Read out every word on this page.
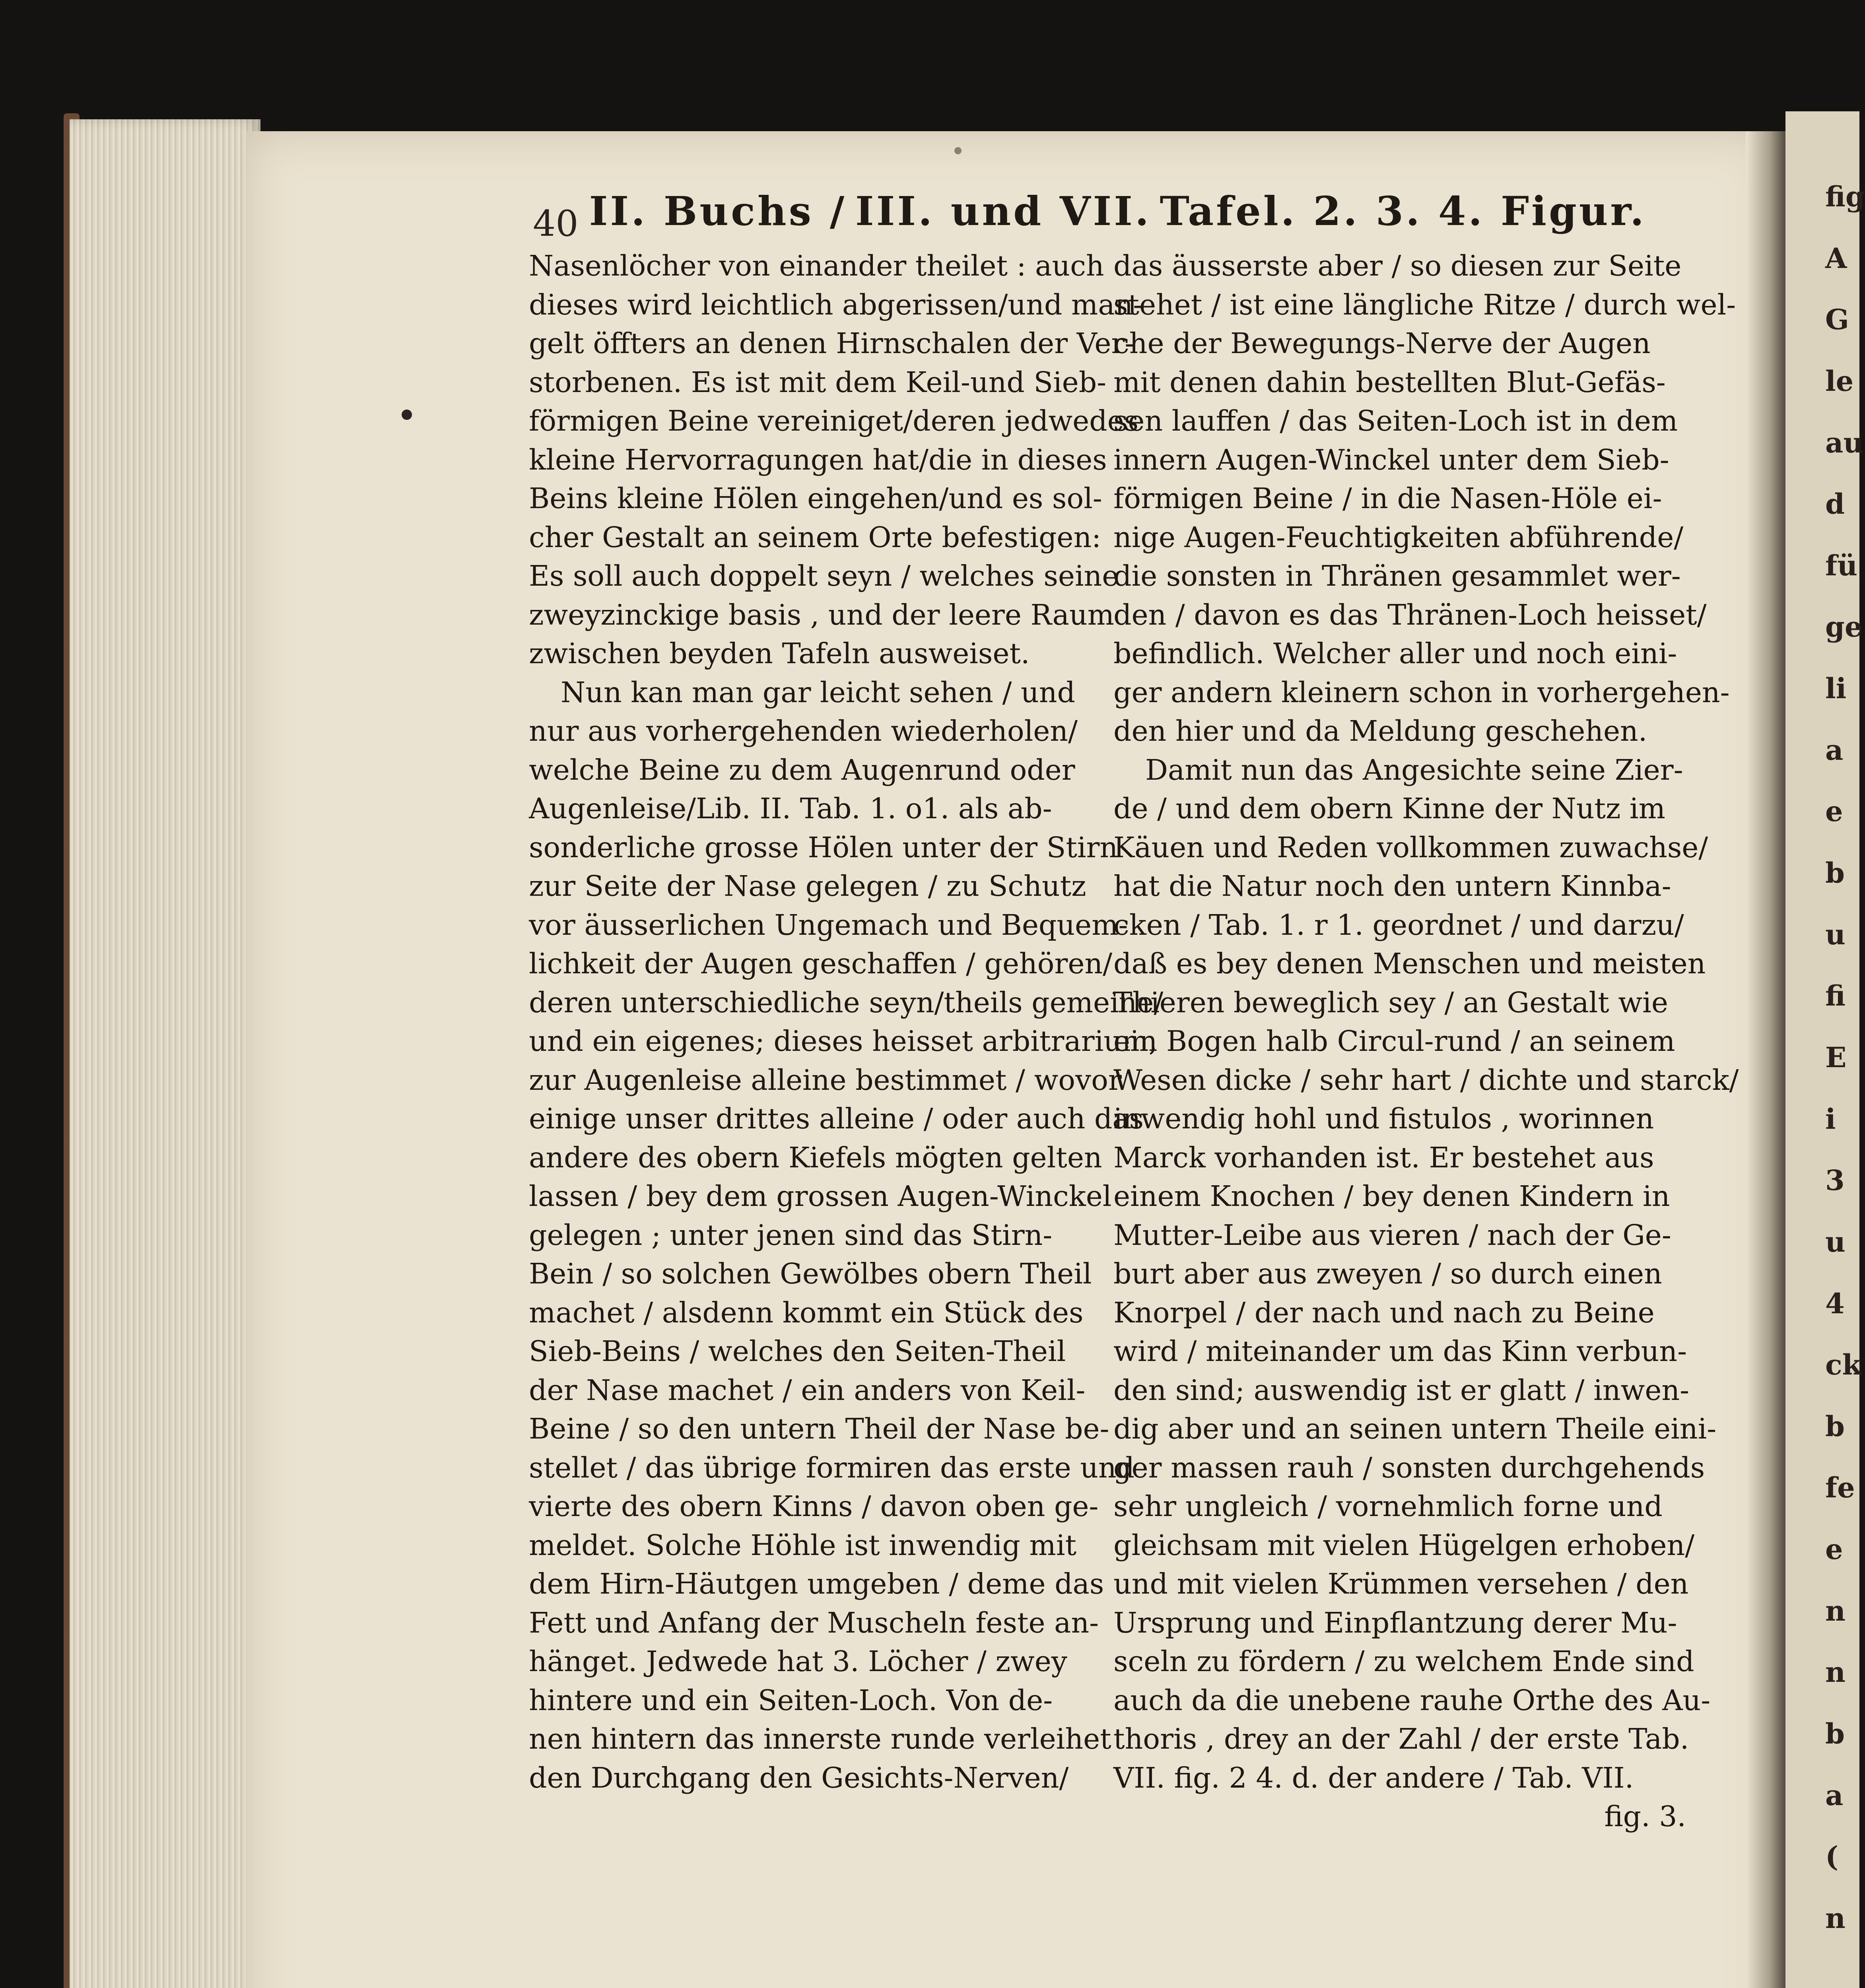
fig
A
G
le
au
d
fü
ge
li
a
e
b
u
fi
E
i
3
u
4
ck
b
fe
e
n
n
b
a
(
n
40 II. Buchs / III. und VII. Tafel. 2. 3. 4. Figur.
Nasenlöcher von einander theilet : auch
dieses wird leichtlich abgerissen/und man-
gelt öffters an denen Hirnschalen der Ver-
storbenen. Es ist mit dem Keil-und Sieb-
förmigen Beine vereiniget/deren jedwedes
kleine Hervorragungen hat/die in dieses
Beins kleine Hölen eingehen/und es sol-
cher Gestalt an seinem Orte befestigen:
Es soll auch doppelt seyn / welches seine
zweyzinckige basis , und der leere Raum
zwischen beyden Tafeln ausweiset.
Nun kan man gar leicht sehen / und
nur aus vorhergehenden wiederholen/
welche Beine zu dem Augenrund oder
Augenleise/Lib. II. Tab. 1. o1. als ab-
sonderliche grosse Hölen unter der Stirn
zur Seite der Nase gelegen / zu Schutz
vor äusserlichen Ungemach und Bequem-
lichkeit der Augen geschaffen / gehören/
deren unterschiedliche seyn/theils gemeine/
und ein eigenes; dieses heisset arbitrarium,
zur Augenleise alleine bestimmet / wovor
einige unser drittes alleine / oder auch das
andere des obern Kiefels mögten gelten
lassen / bey dem grossen Augen-Winckel
gelegen ; unter jenen sind das Stirn-
Bein / so solchen Gewölbes obern Theil
machet / alsdenn kommt ein Stück des
Sieb-Beins / welches den Seiten-Theil
der Nase machet / ein anders von Keil-
Beine / so den untern Theil der Nase be-
stellet / das übrige formiren das erste und
vierte des obern Kinns / davon oben ge-
meldet. Solche Höhle ist inwendig mit
dem Hirn-Häutgen umgeben / deme das
Fett und Anfang der Muscheln feste an-
hänget. Jedwede hat 3. Löcher / zwey
hintere und ein Seiten-Loch. Von de-
nen hintern das innerste runde verleihet
den Durchgang den Gesichts-Nerven/
das äusserste aber / so diesen zur Seite
stehet / ist eine längliche Ritze / durch wel-
che der Bewegungs-Nerve der Augen
mit denen dahin bestellten Blut-Gefäs-
sen lauffen / das Seiten-Loch ist in dem
innern Augen-Winckel unter dem Sieb-
förmigen Beine / in die Nasen-Höle ei-
nige Augen-Feuchtigkeiten abführende/
die sonsten in Thränen gesammlet wer-
den / davon es das Thränen-Loch heisset/
befindlich. Welcher aller und noch eini-
ger andern kleinern schon in vorhergehen-
den hier und da Meldung geschehen.
Damit nun das Angesichte seine Zier-
de / und dem obern Kinne der Nutz im
Käuen und Reden vollkommen zuwachse/
hat die Natur noch den untern Kinnba-
cken / Tab. 1. r 1. geordnet / und darzu/
daß es bey denen Menschen und meisten
Thieren beweglich sey / an Gestalt wie
ein Bogen halb Circul-rund / an seinem
Wesen dicke / sehr hart / dichte und starck/
inwendig hohl und fistulos , worinnen
Marck vorhanden ist. Er bestehet aus
einem Knochen / bey denen Kindern in
Mutter-Leibe aus vieren / nach der Ge-
burt aber aus zweyen / so durch einen
Knorpel / der nach und nach zu Beine
wird / miteinander um das Kinn verbun-
den sind; auswendig ist er glatt / inwen-
dig aber und an seinen untern Theile eini-
ger massen rauh / sonsten durchgehends
sehr ungleich / vornehmlich forne und
gleichsam mit vielen Hügelgen erhoben/
und mit vielen Krümmen versehen / den
Ursprung und Einpflantzung derer Mu-
sceln zu fördern / zu welchem Ende sind
auch da die unebene rauhe Orthe des Au-
thoris , drey an der Zahl / der erste Tab.
VII. fig. 2 4. d. der andere / Tab. VII.
fig. 3.
